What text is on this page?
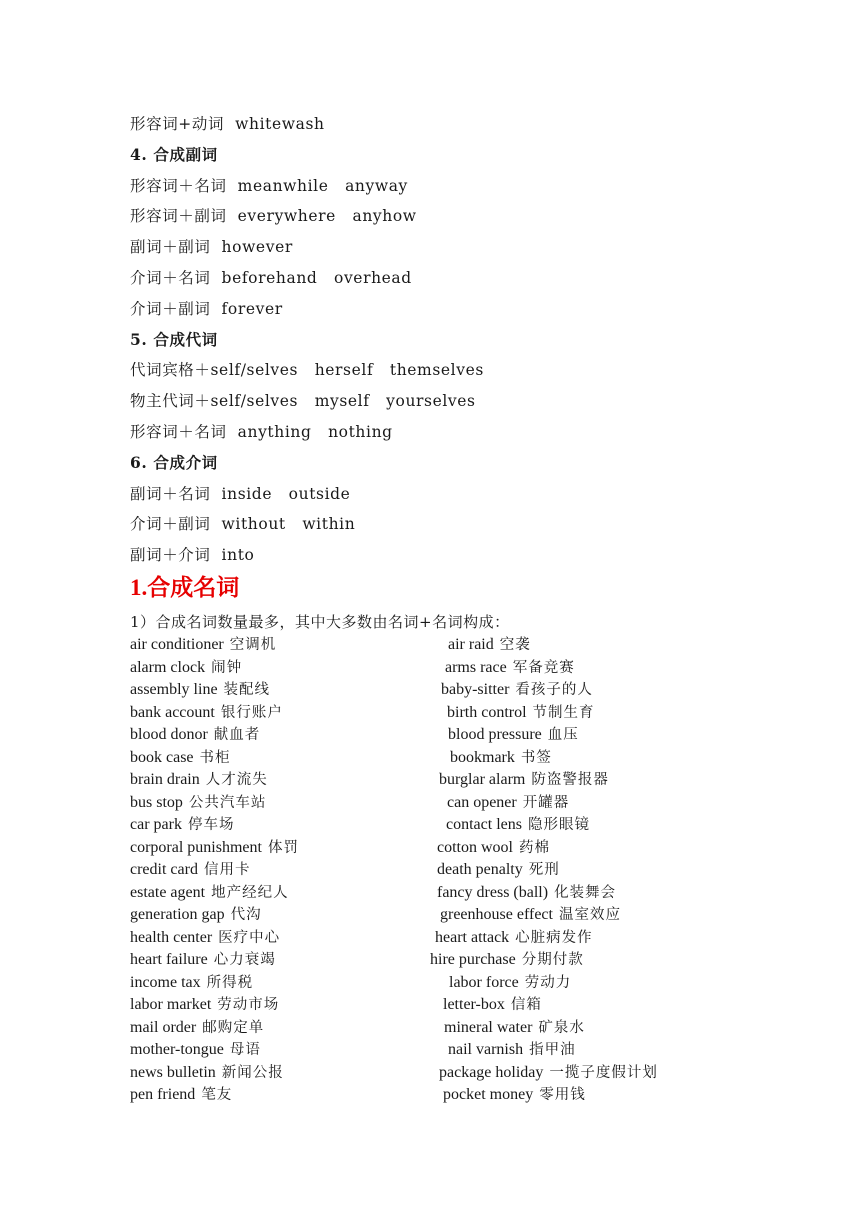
形容词+动词  whitewash
4. 合成副词
形容词＋名词  meanwhile   anyway
形容词＋副词  everywhere   anyhow
副词＋副词  however
介词＋名词  beforehand   overhead
介词＋副词  forever
5. 合成代词
代词宾格＋self/selves   herself   themselves
物主代词＋self/selves   myself   yourselves
形容词＋名词  anything   nothing
6. 合成介词
副词＋名词  inside   outside
介词＋副词  without   within
副词＋介词  into
1.合成名词
1）合成名词数量最多，其中大多数由名词+名词构成：
air conditioner 空调机	air raid 空袭
alarm clock 闹钟	arms race 军备竞赛
assembly line 装配线	baby-sitter 看孩子的人
bank account 银行账户	birth control 节制生育
blood donor 献血者	blood pressure 血压
book case 书柜	bookmark 书签
brain drain 人才流失	burglar alarm 防盗警报器
bus stop 公共汽车站	can opener 开罐器
car park 停车场	contact lens 隐形眼镜
corporal punishment 体罚	cotton wool 药棉
credit card 信用卡	death penalty 死刑
estate agent 地产经纪人	fancy dress (ball) 化装舞会
generation gap 代沟	greenhouse effect 温室效应
health center 医疗中心	heart attack 心脏病发作
heart failure 心力衰竭	hire purchase 分期付款
income tax 所得税	labor force 劳动力
labor market 劳动市场	letter-box 信箱
mail order 邮购定单	mineral water 矿泉水
mother-tongue 母语	nail varnish 指甲油
news bulletin 新闻公报	package holiday 一揽子度假计划
pen friend 笔友	pocket money 零用钱
